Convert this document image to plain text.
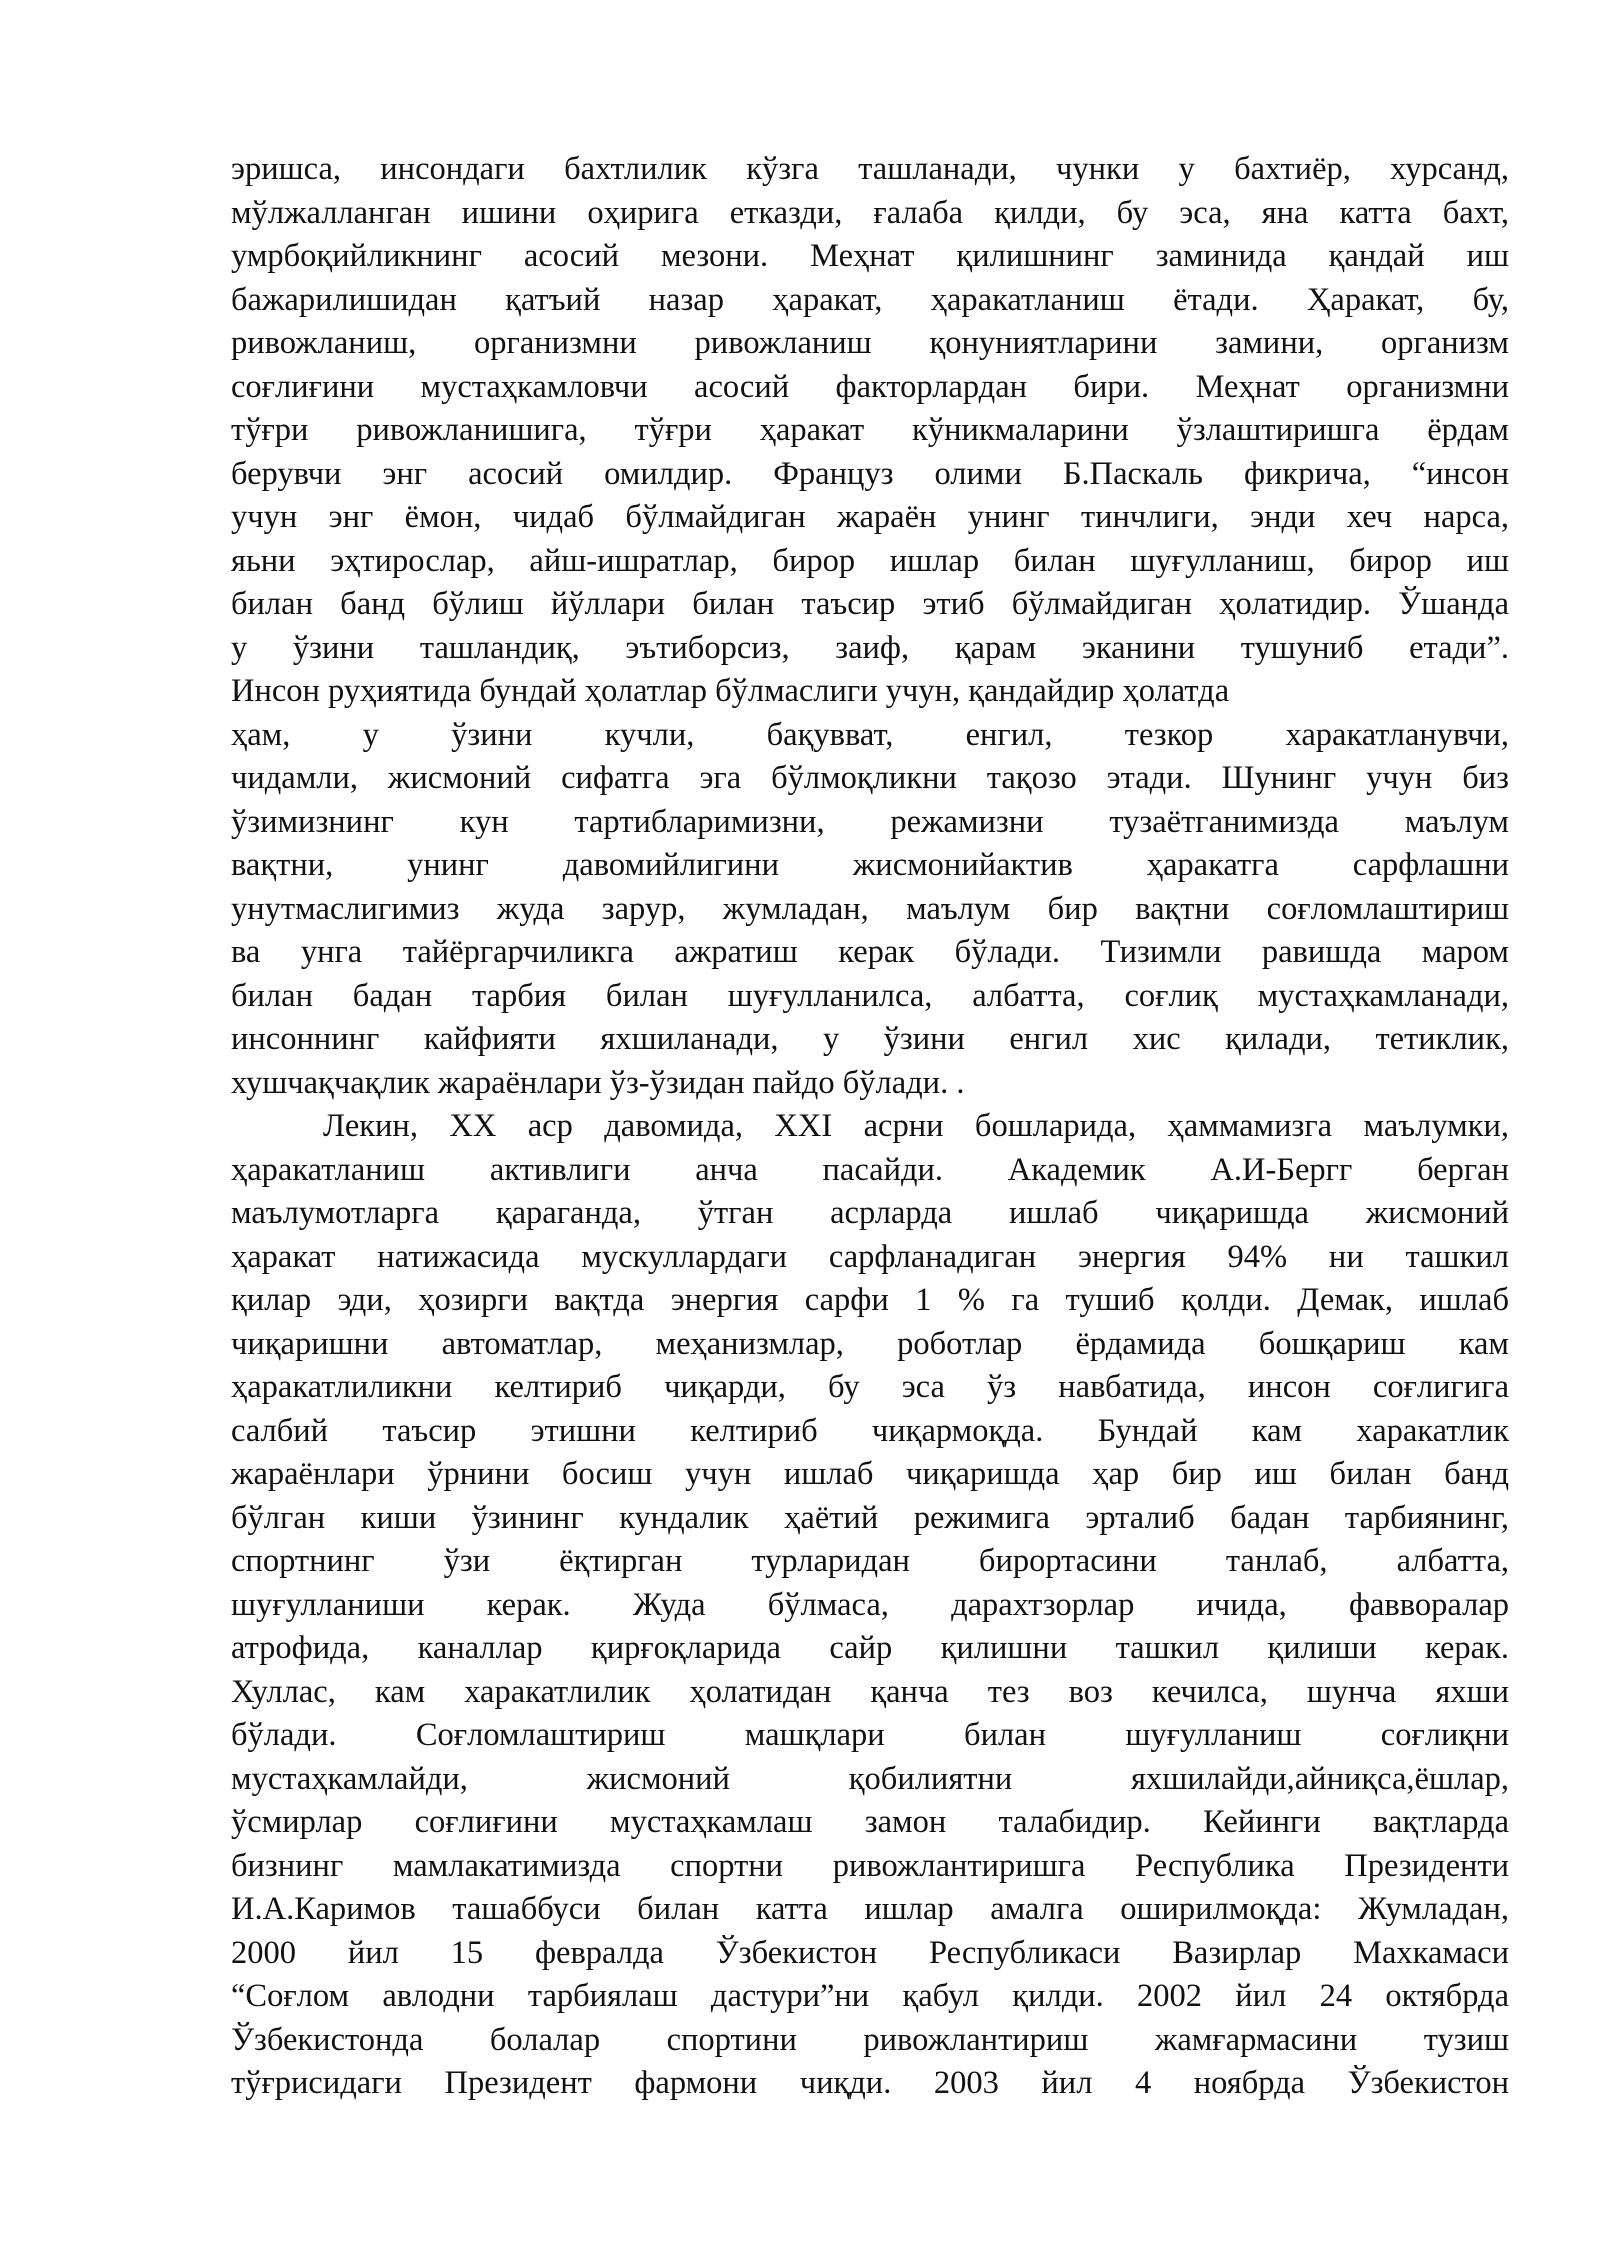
эришса, инсондаги бахтлилик кўзга ташланади, чунки у бахтиёр, хурсанд,
мўлжалланган ишини оҳирига етказди, ғалаба қилди, бу эса, яна катта бахт,
умрбоқийликнинг асосий мезони. Меҳнат қилишнинг заминида қандай иш
бажарилишидан қатъий назар ҳаракат, ҳаракатланиш ётади. Ҳаракат, бу,
ривожланиш, организмни ривожланиш қонуниятларини замини, организм
соғлиғини мустаҳкамловчи асосий факторлардан бири. Меҳнат организмни
тўғри ривожланишига, тўғри ҳаракат кўникмаларини ўзлаштиришга ёрдам
берувчи энг асосий омилдир. Француз олими Б.Паскаль фикрича, “инсон
учун энг ёмон, чидаб бўлмайдиган жараён унинг тинчлиги, энди хеч нарса,
яьни эҳтирослар, айш-ишратлар, бирор ишлар билан шуғулланиш, бирор иш
билан банд бўлиш йўллари билан таъсир этиб бўлмайдиган ҳолатидир. Ўшанда
у ўзини ташландиқ, эътиборсиз, заиф, қарам эканини тушуниб етади”.
Инсон руҳиятида бундай ҳолатлар бўлмаслиги учун, қандайдир ҳолатда
ҳам, у ўзини кучли, бақувват, енгил, тезкор харакатланувчи,
чидамли, жисмоний сифатга эга бўлмоқликни тақозо этади. Шунинг учун биз
ўзимизнинг кун тартибларимизни, режамизни тузаётганимизда маълум
вақтни, унинг давомийлигини жисмонийактив ҳаракатга сарфлашни
унутмаслигимиз жуда зарур, жумладан, маълум бир вақтни соғломлаштириш
ва унга тайёргарчиликга ажратиш керак бўлади. Тизимли равишда маром
билан бадан тарбия билан шуғулланилса, албатта, соғлиқ мустаҳкамланади,
инсоннинг кайфияти яхшиланади, у ўзини енгил хис қилади, тетиклик,
хушчақчақлик жараёнлари ўз-ўзидан пайдо бўлади. .
Лекин, XX аср давомида, XXI асрни бошларида, ҳаммамизга маълумки,
ҳаракатланиш активлиги анча пасайди. Академик А.И-Бергг берган
маълумотларга қараганда, ўтган асрларда ишлаб чиқаришда жисмоний
ҳаракат натижасида мускуллардаги сарфланадиган энергия 94% ни ташкил
қилар эди, ҳозирги вақтда энергия сарфи 1 % га тушиб қолди. Демак, ишлаб
чиқаришни автоматлар, меҳанизмлар, роботлар ёрдамида бошқариш кам
ҳаракатлиликни келтириб чиқарди, бу эса ўз навбатида, инсон соғлигига
салбий таъсир этишни келтириб чиқармоқда. Бундай кам харакатлик
жараёнлари ўрнини босиш учун ишлаб чиқаришда ҳар бир иш билан банд
бўлган киши ўзининг кундалик ҳаётий режимига эрталиб бадан тарбиянинг,
спортнинг ўзи ёқтирган турларидан бирортасини танлаб, албатта,
шуғулланиши керак. Жуда бўлмаса, дарахтзорлар ичида, фавворалар
атрофида, каналлар қирғоқларида сайр қилишни ташкил қилиши керак.
Хуллас, кам харакатлилик ҳолатидан қанча тез воз кечилса, шунча яхши
бўлади. Соғломлаштириш машқлари билан шуғулланиш соғлиқни
мустаҳкамлайди, жисмоний қобилиятни яхшилайди,айниқса,ёшлар,
ўсмирлар соғлиғини мустаҳкамлаш замон талабидир. Кейинги вақтларда
бизнинг мамлакатимизда спортни ривожлантиришга Республика Президенти
И.А.Каримов ташаббуси билан катта ишлар амалга оширилмоқда: Жумладан,
2000 йил 15 февралда Ўзбекистон Республикаси Вазирлар Махкамаси
“Соғлом авлодни тарбиялаш дастури”ни қабул қилди. 2002 йил 24 октябрда
Ўзбекистонда болалар спортини ривожлантириш жамғармасини тузиш
тўғрисидаги Президент фармони чиқди. 2003 йил 4 ноябрда Ўзбекистон
